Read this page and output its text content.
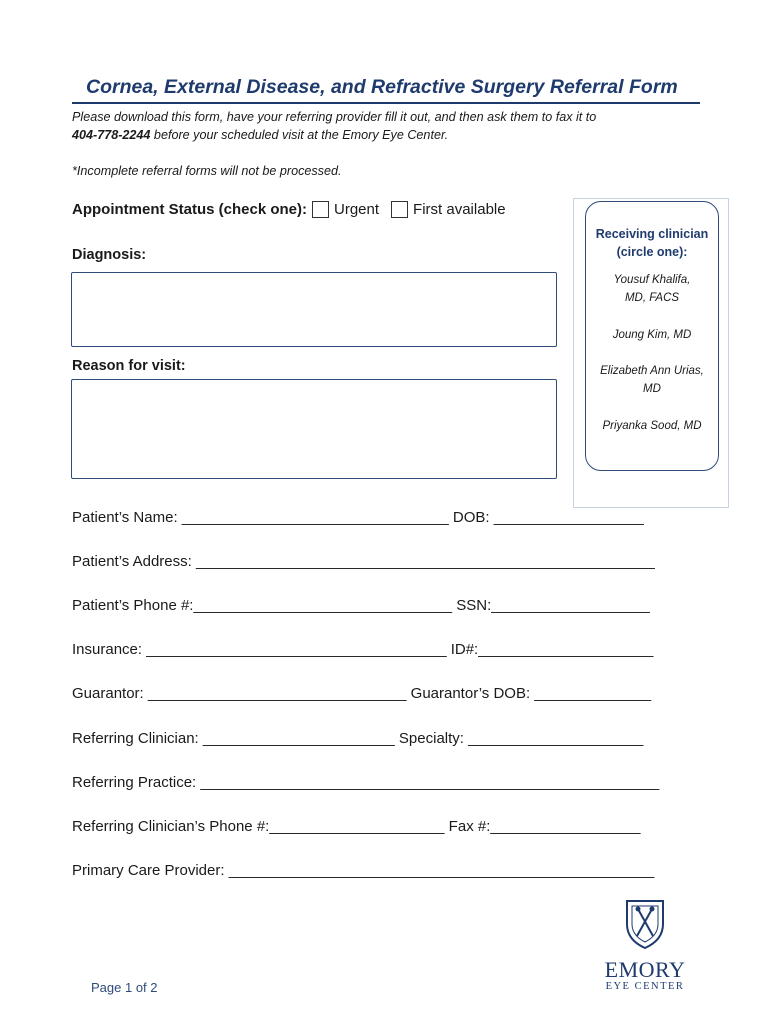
Cornea, External Disease, and Refractive Surgery Referral Form
Please download this form, have your referring provider fill it out, and then ask them to fax it to
404-778-2244 before your scheduled visit at the Emory Eye Center.
*Incomplete referral forms will not be processed.
Appointment Status (check one): Urgent First available
Diagnosis:
Reason for visit:
Receiving clinician
(circle one):
Yousuf Khalifa,
MD, FACS
Joung Kim, MD
Elizabeth Ann Urias,
MD
Priyanka Sood, MD
Patient’s Name: ________________________________ DOB: __________________
Patient’s Address: _______________________________________________________
Patient’s Phone #:_______________________________ SSN:___________________
Insurance: ____________________________________ ID#:_____________________
Guarantor: _______________________________ Guarantor’s DOB: ______________
Referring Clinician: _______________________ Specialty: _____________________
Referring Practice: _______________________________________________________
Referring Clinician’s Phone #:_____________________ Fax #:__________________
Primary Care Provider: ___________________________________________________
EMORY
EYE CENTER
Page 1 of 2
